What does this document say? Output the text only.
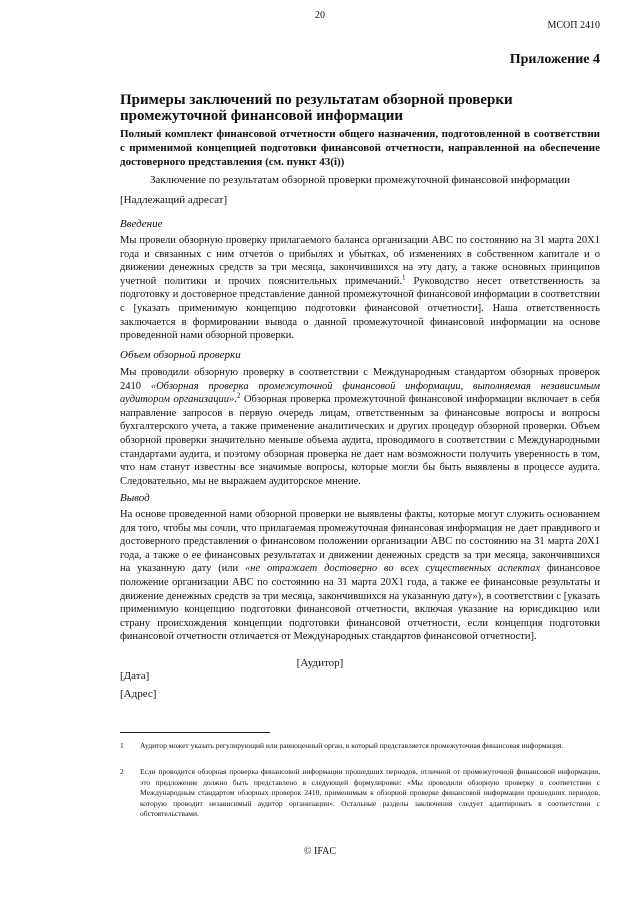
20
МСОП 2410
Приложение 4
Примеры заключений по результатам обзорной проверки промежуточной финансовой информации
Полный комплект финансовой отчетности общего назначения, подготовленной в соответствии с применимой концепцией подготовки финансовой отчетности, направленной на обеспечение достоверного представления (см. пункт 43(i))
Заключение по результатам обзорной проверки промежуточной финансовой информации
[Надлежащий адресат]
Введение
Мы провели обзорную проверку прилагаемого баланса организации ABC по состоянию на 31 марта 20X1 года и связанных с ним отчетов о прибылях и убытках, об изменениях в собственном капитале и о движении денежных средств за три месяца, закончившихся на эту дату, а также основных принципов учетной политики и прочих пояснительных примечаний.$^1$ Руководство несет ответственность за подготовку и достоверное представление данной промежуточной финансовой информации в соответствии с [указать применимую концепцию подготовки финансовой отчетности]. Наша ответственность заключается в формировании вывода о данной промежуточной финансовой информации на основе проведенной нами обзорной проверки.
Объем обзорной проверки
Мы проводили обзорную проверку в соответствии с Международным стандартом обзорных проверок 2410 «Обзорная проверка промежуточной финансовой информации, выполняемая независимым аудитором организации».$^2$ Обзорная проверка промежуточной финансовой информации включает в себя направление запросов в первую очередь лицам, ответственным за финансовые вопросы и вопросы бухгалтерского учета, а также применение аналитических и других процедур обзорной проверки. Объем обзорной проверки значительно меньше объема аудита, проводимого в соответствии с Международными стандартами аудита, и поэтому обзорная проверка не дает нам возможности получить уверенность в том, что нам станут известны все значимые вопросы, которые могли бы быть выявлены в процессе аудита. Следовательно, мы не выражаем аудиторское мнение.
Вывод
На основе проведенной нами обзорной проверки не выявлены факты, которые могут служить основанием для того, чтобы мы сочли, что прилагаемая промежуточная финансовая информация не дает правдивого и достоверного представления о финансовом положении организации ABC по состоянию на 31 марта 20X1 года, а также о ее финансовых результатах и движении денежных средств за три месяца, закончившихся на указанную дату (или «не отражает достоверно во всех существенных аспектах финансовое положение организации ABC по состоянию на 31 марта 20X1 года, а также ее финансовые результаты и движение денежных средств за три месяца, закончившихся на указанную дату»), в соответствии с [указать применимую концепцию подготовки финансовой отчетности, включая указание на юрисдикцию или страну происхождения концепции подготовки финансовой отчетности, если концепция подготовки финансовой отчетности отличается от Международных стандартов финансовой отчетности].
[Аудитор]
[Дата]
[Адрес]
1	Аудитор может указать регулирующий или равноценный орган, в который представляется промежуточная финансовая информация.
2	Если проводится обзорная проверка финансовой информации прошедших периодов, отличной от промежуточной финансовой информации, это предложение должно быть представлено в следующей формулировке: «Мы проводили обзорную проверку в соответствии с Международным стандартом обзорных проверок 2410, применимым к обзорной проверке финансовой информации прошедших периодов, которую проводит независимый аудитор организации». Остальные разделы заключения следует адаптировать в соответствии с обстоятельствами.
© IFAC
